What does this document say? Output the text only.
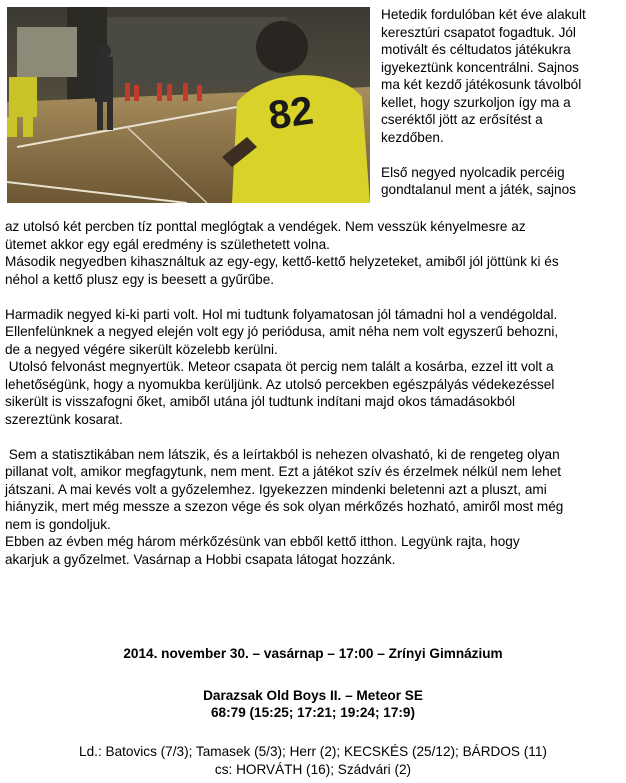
82

Hetedik fordulóban két éve alakult

keresztúri csapatot fogadtuk. Jól

motivált és céltudatos játékukra

igyekeztünk koncentrálni. Sajnos

ma két kezdő játékosunk távolból

kellet, hogy szurkoljon így ma a

cseréktől jött az erősítést a

kezdőben.

Első negyed nyolcadik percéig

gondtalanul ment a játék, sajnos

az utolsó két percben tíz ponttal meglógtak a vendégek. Nem vesszük kényelmesre az

ütemet akkor egy egál eredmény is születhetett volna.

Második negyedben kihasználtuk az egy-egy, kettő-kettő helyzeteket, amiből jól jöttünk ki és

néhol a kettő plusz egy is beesett a gyűrűbe.

Harmadik negyed ki-ki parti volt. Hol mi tudtunk folyamatosan jól támadni hol a vendégoldal.

Ellenfelünknek a negyed elején volt egy jó periódusa, amit néha nem volt egyszerű behozni,

de a negyed végére sikerült közelebb kerülni.

Utolsó felvonást megnyertük. Meteor csapata öt percig nem talált a kosárba, ezzel itt volt a

lehetőségünk, hogy a nyomukba kerüljünk. Az utolsó percekben egészpályás védekezéssel

sikerült is visszafogni őket, amiből utána jól tudtunk indítani majd okos támadásokból

szereztünk kosarat.

Sem a statisztikában nem látszik, és a leírtakból is nehezen olvasható, ki de rengeteg olyan

pillanat volt, amikor megfagytunk, nem ment. Ezt a játékot szív és érzelmek nélkül nem lehet

játszani. A mai kevés volt a győzelemhez. Igyekezzen mindenki beletenni azt a pluszt, ami

hiányzik, mert még messze a szezon vége és sok olyan mérkőzés hozható, amiről most még

nem is gondoljuk.

Ebben az évben még három mérkőzésünk van ebből kettő itthon. Legyünk rajta, hogy

akarjuk a győzelmet. Vasárnap a Hobbi csapata látogat hozzánk.

2014. november 30. – vasárnap – 17:00 – Zrínyi Gimnázium
Darazsak Old Boys II. – Meteor SE
68:79 (15:25; 17:21; 19:24; 17:9)
Ld.: Batovics (7/3); Tamasek (5/3); Herr (2); KECSKÉS (25/12); BÁRDOS (11)
cs: HORVÁTH (16); Szádvári (2)
